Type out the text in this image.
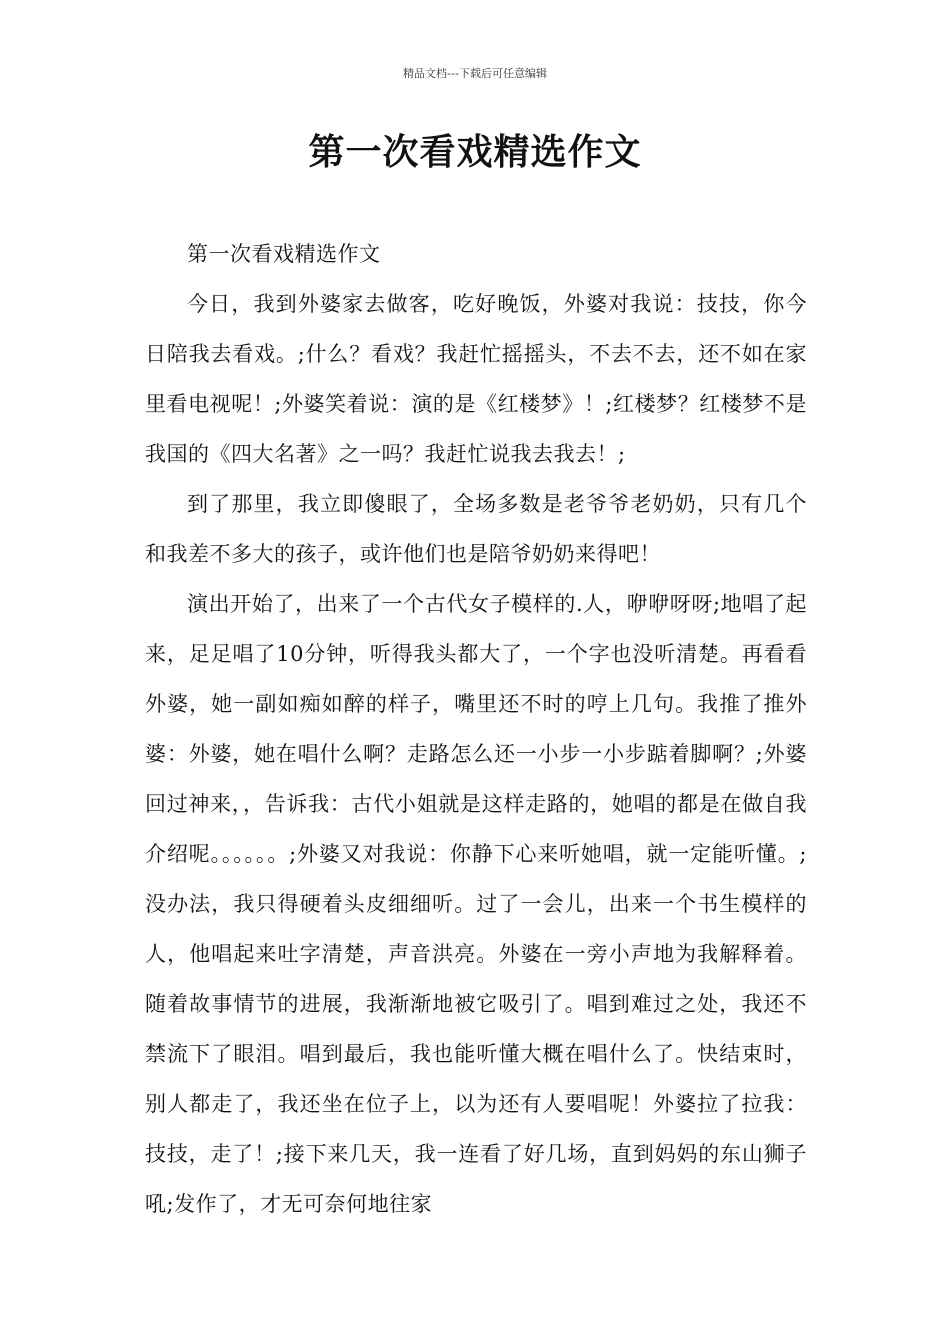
精品文档---下载后可任意编辑
第一次看戏精选作文

第一次看戏精选作文

今日，我到外婆家去做客，吃好晚饭，外婆对我说：技技，你今日陪我去看戏。;什么？看戏？我赶忙摇摇头，不去不去，还不如在家里看电视呢！;外婆笑着说：演的是《红楼梦》！;红楼梦？红楼梦不是我国的《四大名著》之一吗？我赶忙说我去我去！;

到了那里，我立即傻眼了，全场多数是老爷爷老奶奶，只有几个和我差不多大的孩子，或许他们也是陪爷奶奶来得吧！

演出开始了，出来了一个古代女子模样的.人，咿咿呀呀;地唱了起来，足足唱了10分钟，听得我头都大了，一个字也没听清楚。再看看外婆，她一副如痴如醉的样子，嘴里还不时的哼上几句。我推了推外婆：外婆，她在唱什么啊？走路怎么还一小步一小步踮着脚啊？;外婆回过神来，，告诉我：古代小姐就是这样走路的，她唱的都是在做自我介绍呢。。。。。。;外婆又对我说：你静下心来听她唱，就一定能听懂。;没办法，我只得硬着头皮细细听。过了一会儿，出来一个书生模样的人，他唱起来吐字清楚，声音洪亮。外婆在一旁小声地为我解释着。随着故事情节的进展，我渐渐地被它吸引了。唱到难过之处，我还不禁流下了眼泪。唱到最后，我也能听懂大概在唱什么了。快结束时，别人都走了，我还坐在位子上，以为还有人要唱呢！外婆拉了拉我：技技，走了！;接下来几天，我一连看了好几场，直到妈妈的东山狮子吼;发作了，才无可奈何地往家
